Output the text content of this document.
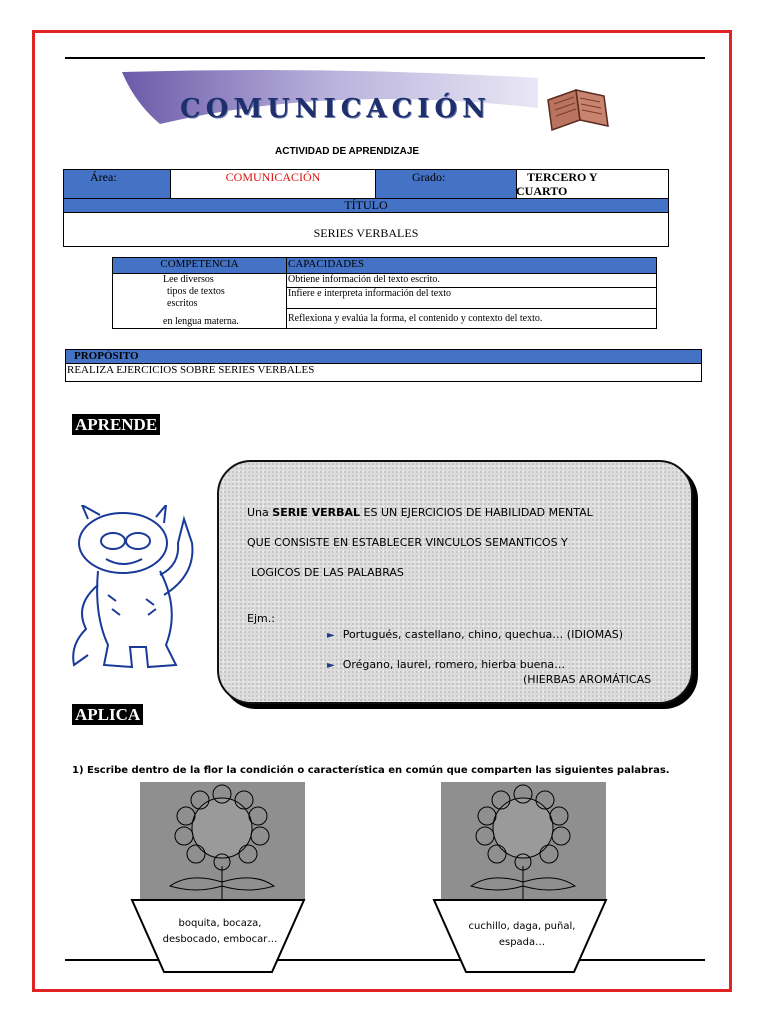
COMUNICACIÓN
ACTIVIDAD DE APRENDIZAJE
Área:	COMUNICACIÓN	Grado:	TERCERO Y
CUARTO

TÍTULO
SERIES VERBALES
COMPETENCIA	CAPACIDADES

Lee diversos
tipos de textos
escritos
en lengua materna.	Obtiene información del texto escrito.
	Infiere e interpreta información del texto
	Reflexiona y evalúa la forma, el contenido y contexto del texto.
PROPÓSITO
REALIZA EJERCICIOS SOBRE SERIES VERBALES
APRENDE
Una SERIE VERBAL ES UN EJERCICIOS DE HABILIDAD MENTAL
QUE CONSISTE EN ESTABLECER VINCULOS SEMANTICOS Y
LOGICOS DE LAS PALABRAS
Ejm.:
► Portugués, castellano, chino, quechua… (IDIOMAS)
► Orégano, laurel, romero, hierba buena…
(HIERBAS AROMÁTICAS
APLICA
1) Escribe dentro de la flor la condición o característica en común que comparten las siguientes palabras.
boquita, bocaza,
desbocado, embocar…
cuchillo, daga, puñal,
espada…
